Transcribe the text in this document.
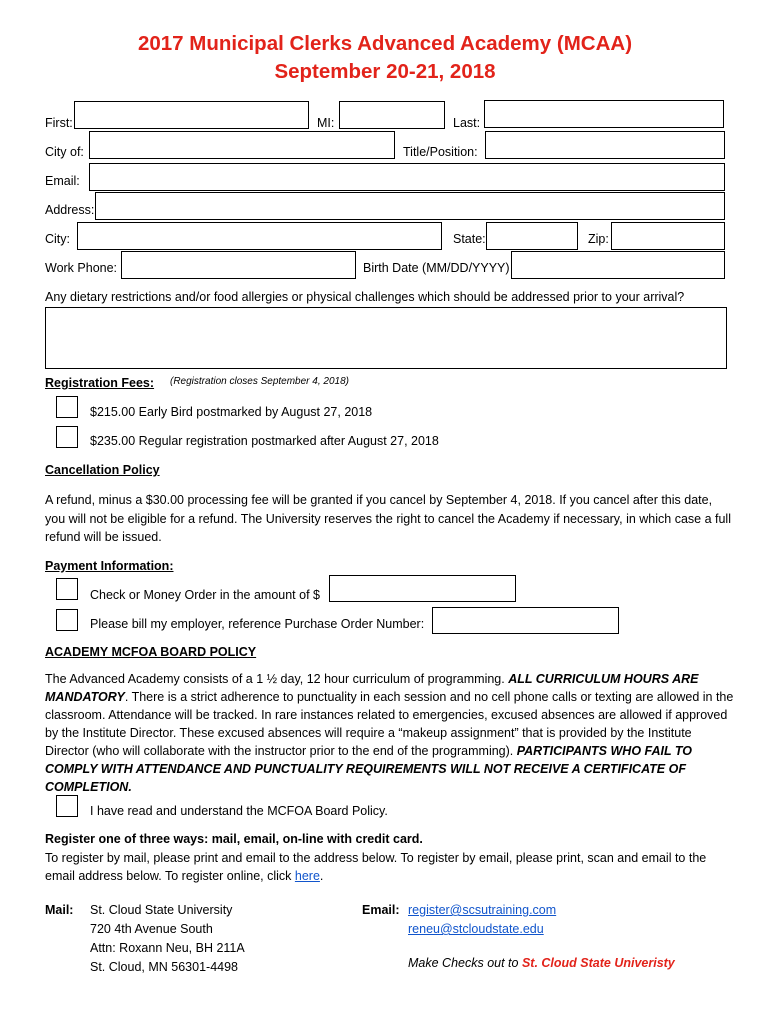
2017 Municipal Clerks Advanced Academy (MCAA)
September 20-21, 2018
First:	MI:	Last:
City of:	Title/Position:
Email:
Address:
City:	State:	Zip:
Work Phone:	Birth Date (MM/DD/YYYY)
Any dietary restrictions and/or food allergies or physical challenges which should be addressed prior to your arrival?
Registration Fees: (Registration closes September 4, 2018)
$215.00 Early Bird postmarked by August 27, 2018
$235.00 Regular registration postmarked after August 27, 2018
Cancellation Policy
A refund, minus a $30.00 processing fee will be granted if you cancel by September 4, 2018. If you cancel after this date, you will not be eligible for a refund. The University reserves the right to cancel the Academy if necessary, in which case a full refund will be issued.
Payment Information:
Check or Money Order in the amount of $
Please bill my employer, reference Purchase Order Number:
ACADEMY MCFOA BOARD POLICY
The Advanced Academy consists of a 1 ½ day, 12 hour curriculum of programming. ALL CURRICULUM HOURS ARE MANDATORY. There is a strict adherence to punctuality in each session and no cell phone calls or texting are allowed in the classroom. Attendance will be tracked. In rare instances related to emergencies, excused absences are allowed if approved by the Institute Director. These excused absences will require a “makeup assignment” that is provided by the Institute Director (who will collaborate with the instructor prior to the end of the programming). PARTICIPANTS WHO FAIL TO COMPLY WITH ATTENDANCE AND PUNCTUALITY REQUIREMENTS WILL NOT RECEIVE A CERTIFICATE OF COMPLETION.
I have read and understand the MCFOA Board Policy.
Register one of three ways: mail, email, on-line with credit card.
To register by mail, please print and email to the address below. To register by email, please print, scan and email to the email address below. To register online, click here.
Mail: St. Cloud State University
720 4th Avenue South
Attn: Roxann Neu, BH 211A
St. Cloud, MN 56301-4498
Email: register@scsutraining.com
reneu@stcloudstate.edu
Make Checks out to St. Cloud State Univeristy
